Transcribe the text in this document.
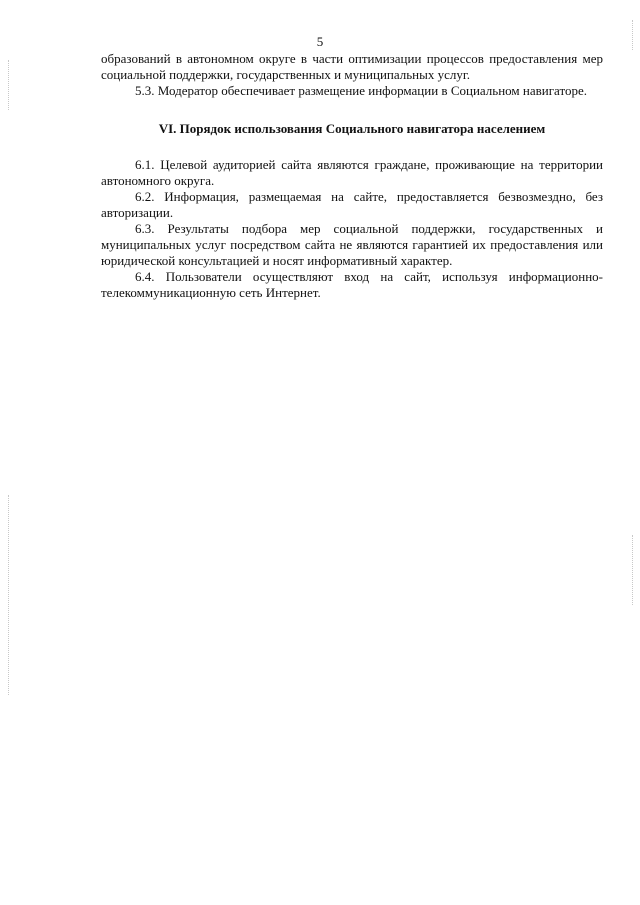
5

образований в автономном округе в части оптимизации процессов предоставления мер социальной поддержки, государственных и муниципальных услуг.

5.3. Модератор обеспечивает размещение информации в Социальном навигаторе.

VI. Порядок использования Социального навигатора населением

6.1. Целевой аудиторией сайта являются граждане, проживающие на территории автономного округа.

6.2. Информация, размещаемая на сайте, предоставляется безвозмездно, без авторизации.

6.3. Результаты подбора мер социальной поддержки, государственных и муниципальных услуг посредством сайта не являются гарантией их предоставления или юридической консультацией и носят информативный характер.

6.4. Пользователи осуществляют вход на сайт, используя информационно-телекоммуникационную сеть Интернет.
